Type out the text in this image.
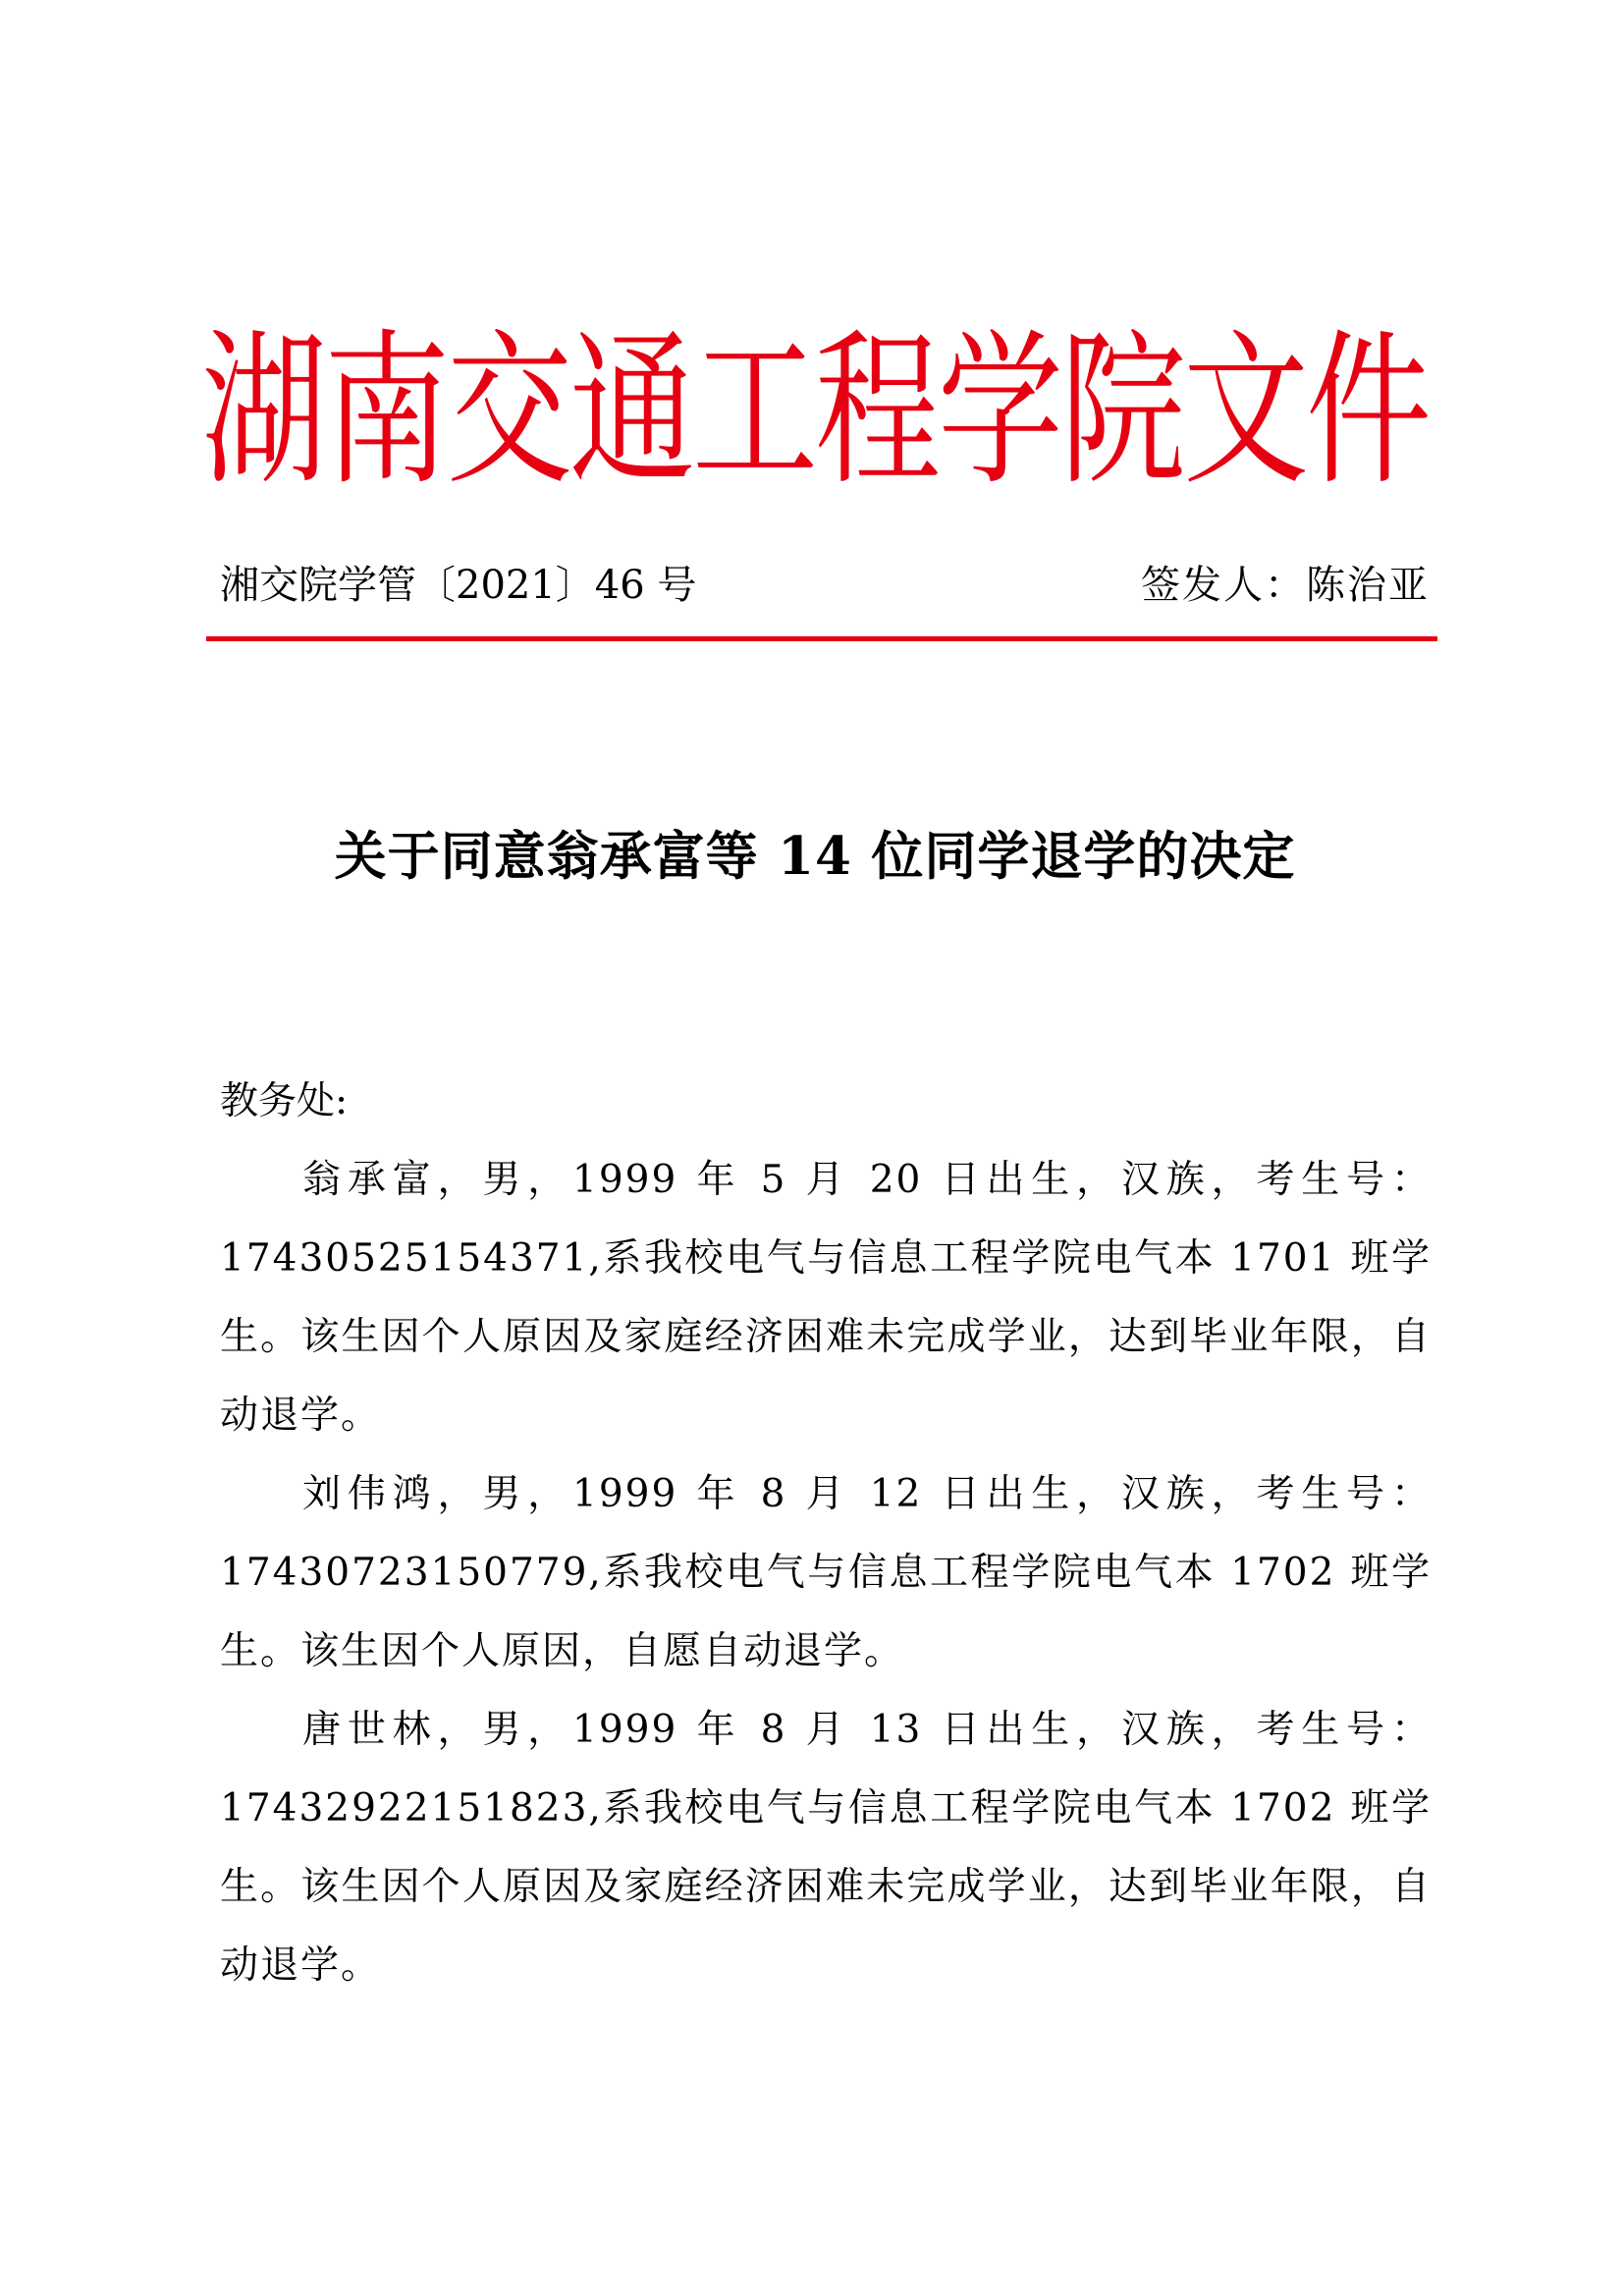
湖南交通工程学院文件
湘交院学管〔2021〕46 号	签发人：陈治亚
关于同意翁承富等 14 位同学退学的决定

教务处:

翁承富，男，1999 年 5 月 20 日出生，汉族，考生号：17430525154371,系我校电气与信息工程学院电气本 1701 班学生。该生因个人原因及家庭经济困难未完成学业，达到毕业年限，自动退学。

刘伟鸿，男，1999 年 8 月 12 日出生，汉族，考生号：17430723150779,系我校电气与信息工程学院电气本 1702 班学生。该生因个人原因，自愿自动退学。

唐世林，男，1999 年 8 月 13 日出生，汉族，考生号：17432922151823,系我校电气与信息工程学院电气本 1702 班学生。该生因个人原因及家庭经济困难未完成学业，达到毕业年限，自动退学。
